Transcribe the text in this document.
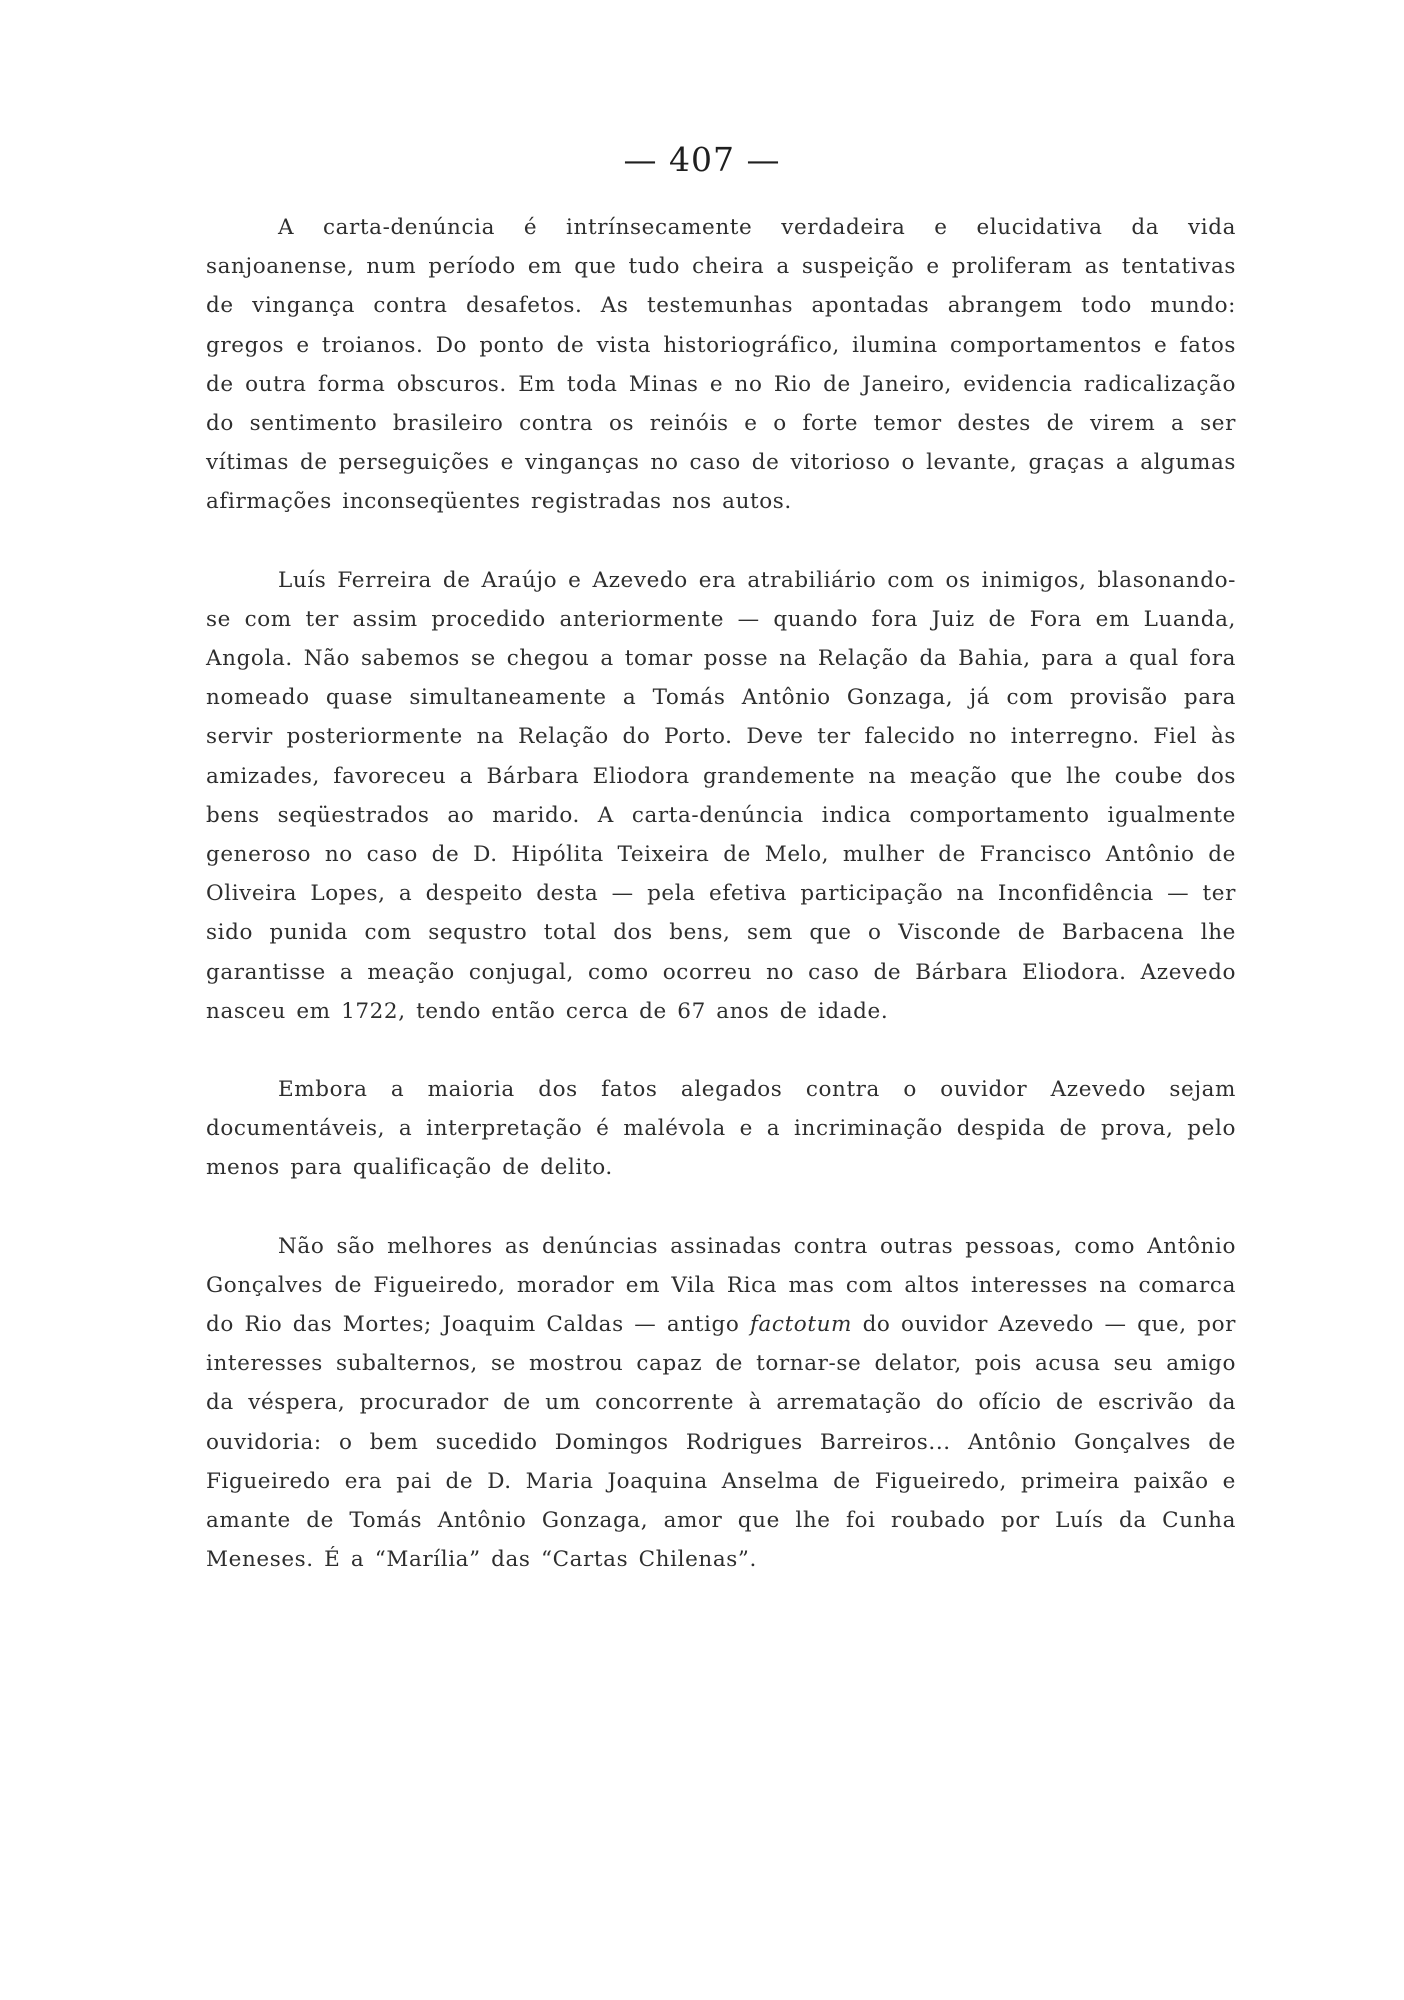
— 407 —

A carta-denúncia é intrínsecamente verdadeira e elucidativa da vida sanjoanense, num período em que tudo cheira a suspeição e proliferam as tentativas de vingança contra desafetos. As testemunhas apontadas abrangem todo mundo: gregos e troianos. Do ponto de vista historiográfico, ilumina comportamentos e fatos de outra forma obscuros. Em toda Minas e no Rio de Janeiro, evidencia radicalização do sentimento brasileiro contra os reinóis e o forte temor destes de virem a ser vítimas de perseguições e vinganças no caso de vitorioso o levante, graças a algumas afirmações inconseqüentes registradas nos autos.

Luís Ferreira de Araújo e Azevedo era atrabiliário com os inimigos, blasonando-se com ter assim procedido anteriormente — quando fora Juiz de Fora em Luanda, Angola. Não sabemos se chegou a tomar posse na Relação da Bahia, para a qual fora nomeado quase simultaneamente a Tomás Antônio Gonzaga, já com provisão para servir posteriormente na Relação do Porto. Deve ter falecido no interregno. Fiel às amizades, favoreceu a Bárbara Eliodora grandemente na meação que lhe coube dos bens seqüestrados ao marido. A carta-denúncia indica comportamento igualmente generoso no caso de D. Hipólita Teixeira de Melo, mulher de Francisco Antônio de Oliveira Lopes, a despeito desta — pela efetiva participação na Inconfidência — ter sido punida com sequstro total dos bens, sem que o Visconde de Barbacena lhe garantisse a meação conjugal, como ocorreu no caso de Bárbara Eliodora. Azevedo nasceu em 1722, tendo então cerca de 67 anos de idade.

Embora a maioria dos fatos alegados contra o ouvidor Azevedo sejam documentáveis, a interpretação é malévola e a incriminação despida de prova, pelo menos para qualificação de delito.

Não são melhores as denúncias assinadas contra outras pessoas, como Antônio Gonçalves de Figueiredo, morador em Vila Rica mas com altos interesses na comarca do Rio das Mortes; Joaquim Caldas — antigo factotum do ouvidor Azevedo — que, por interesses subalternos, se mostrou capaz de tornar-se delator, pois acusa seu amigo da véspera, procurador de um concorrente à arrematação do ofício de escrivão da ouvidoria: o bem sucedido Domingos Rodrigues Barreiros... Antônio Gonçalves de Figueiredo era pai de D. Maria Joaquina Anselma de Figueiredo, primeira paixão e amante de Tomás Antônio Gonzaga, amor que lhe foi roubado por Luís da Cunha Meneses. É a “Marília” das “Cartas Chilenas”.
